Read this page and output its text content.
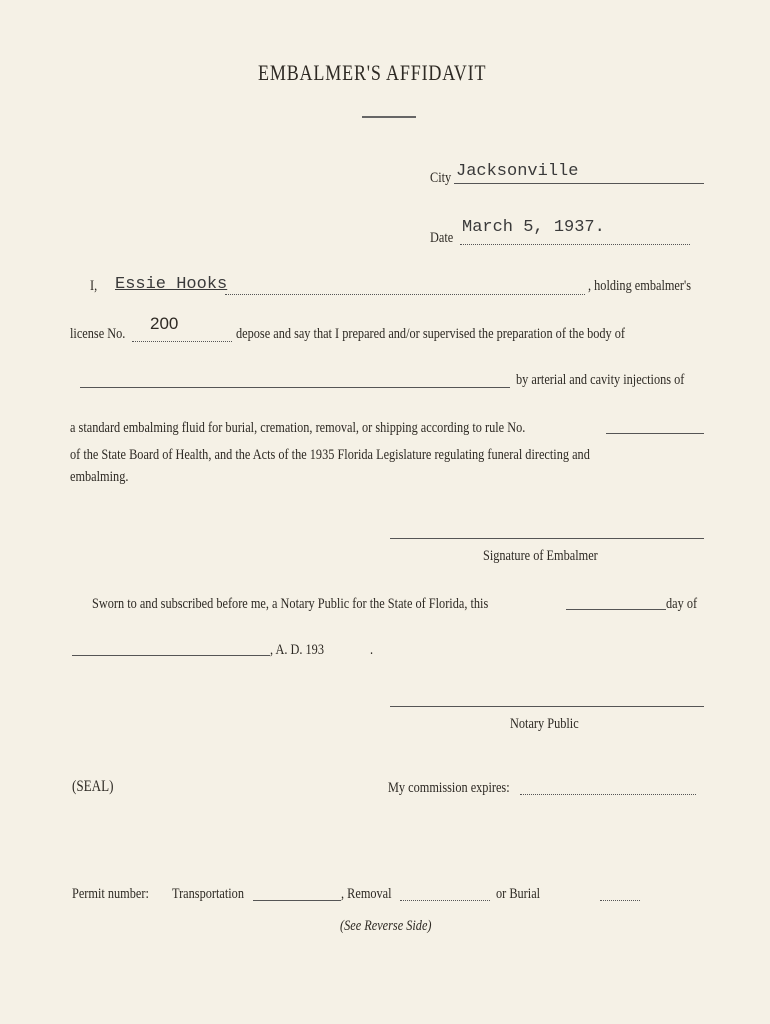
EMBALMER'S AFFIDAVIT
City Jacksonville
Date
March 5, 1937.
I, Essie Hooks	, holding embalmer's
license No.
200
depose and say that I prepared and/or supervised the preparation of the body of
by arterial and cavity injections of
a standard embalming fluid for burial, cremation, removal, or shipping according to rule No.
of the State Board of Health, and the Acts of the 1935 Florida Legislature regulating funeral directing and
embalming.
Signature of Embalmer
Sworn to and subscribed before me, a Notary Public for the State of Florida, this	day of
, A. D. 193	.
Notary Public
(SEAL)	My commission expires:
Permit number: Transportation	, Removal	or Burial
(See Reverse Side)
